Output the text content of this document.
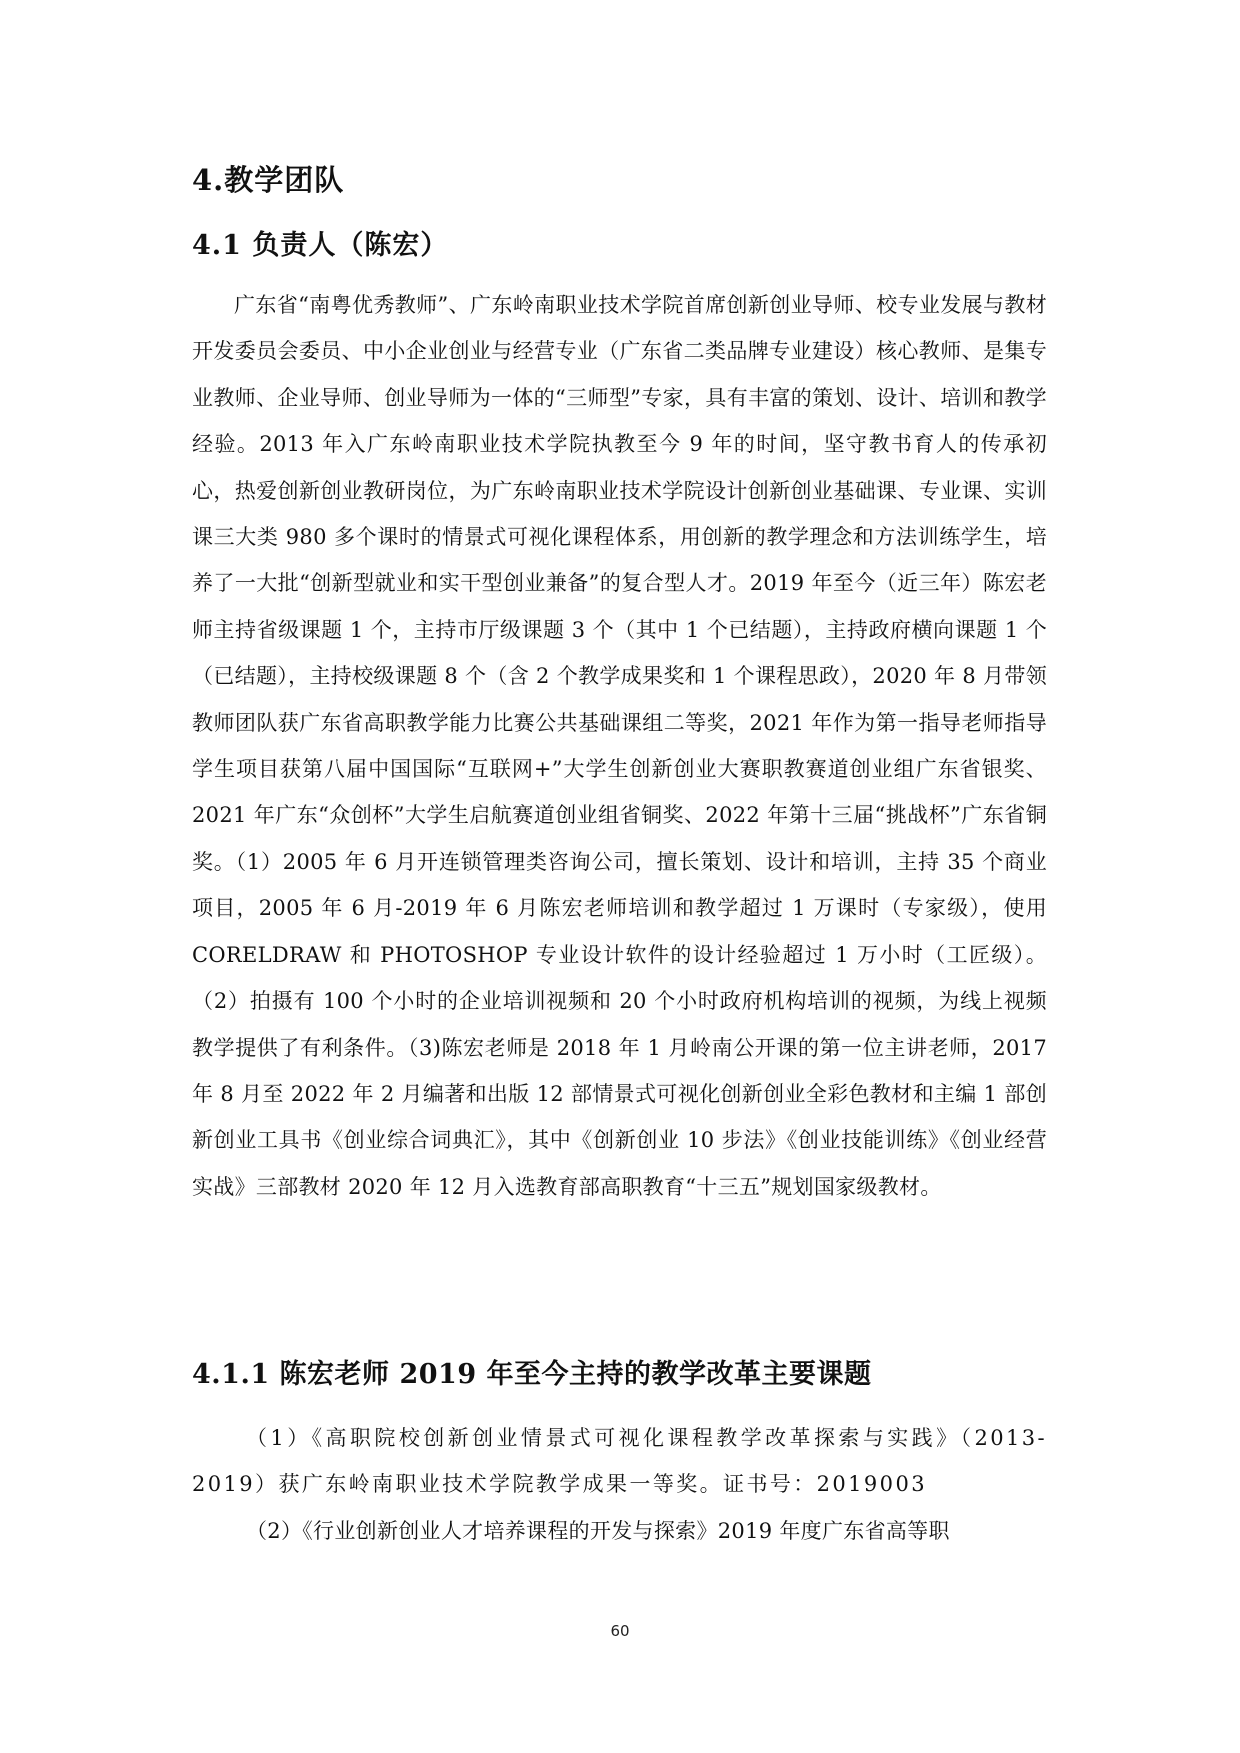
4.教学团队
4.1 负责人（陈宏）

广东省“南粤优秀教师”、广东岭南职业技术学院首席创新创业导师、校专业发展与教材开发委员会委员、中小企业创业与经营专业（广东省二类品牌专业建设）核心教师、是集专业教师、企业导师、创业导师为一体的“三师型”专家，具有丰富的策划、设计、培训和教学经验。2013 年入广东岭南职业技术学院执教至今 9 年的时间，坚守教书育人的传承初心，热爱创新创业教研岗位，为广东岭南职业技术学院设计创新创业基础课、专业课、实训课三大类 980 多个课时的情景式可视化课程体系，用创新的教学理念和方法训练学生，培养了一大批“创新型就业和实干型创业兼备”的复合型人才。2019 年至今（近三年）陈宏老师主持省级课题 1 个，主持市厅级课题 3 个（其中 1 个已结题），主持政府横向课题 1 个（已结题），主持校级课题 8 个（含 2 个教学成果奖和 1 个课程思政），2020 年 8 月带领教师团队获广东省高职教学能力比赛公共基础课组二等奖，2021 年作为第一指导老师指导学生项目获第八届中国国际“互联网+”大学生创新创业大赛职教赛道创业组广东省银奖、2021 年广东“众创杯”大学生启航赛道创业组省铜奖、2022 年第十三届“挑战杯”广东省铜奖。（1）2005 年 6 月开连锁管理类咨询公司，擅长策划、设计和培训，主持 35 个商业项目，2005 年 6 月-2019 年 6 月陈宏老师培训和教学超过 1 万课时（专家级），使用 CORELDRAW 和 PHOTOSHOP 专业设计软件的设计经验超过 1 万小时（工匠级）。（2）拍摄有 100 个小时的企业培训视频和 20 个小时政府机构培训的视频，为线上视频教学提供了有利条件。（3)陈宏老师是 2018 年 1 月岭南公开课的第一位主讲老师，2017 年 8 月至 2022 年 2 月编著和出版 12 部情景式可视化创新创业全彩色教材和主编 1 部创新创业工具书《创业综合词典汇》，其中《创新创业 10 步法》《创业技能训练》《创业经营实战》三部教材 2020 年 12 月入选教育部高职教育“十三五”规划国家级教材。

4.1.1 陈宏老师 2019 年至今主持的教学改革主要课题

（1）《高职院校创新创业情景式可视化课程教学改革探索与实践》（2013-2019）获广东岭南职业技术学院教学成果一等奖。证书号：2019003

（2）《行业创新创业人才培养课程的开发与探索》2019 年度广东省高等职

60
